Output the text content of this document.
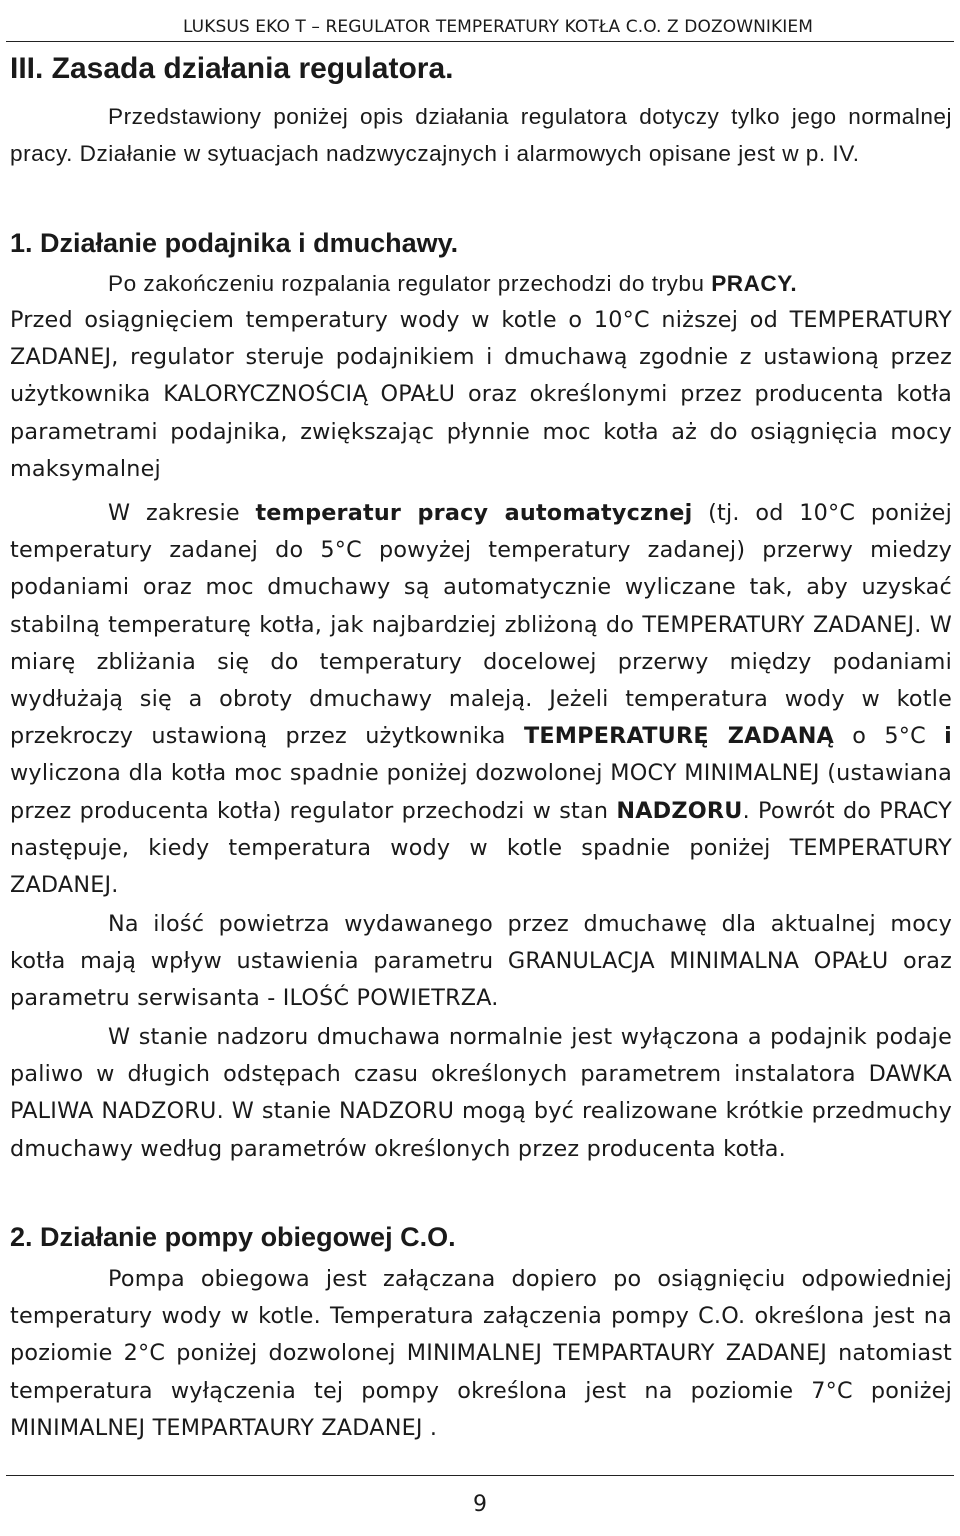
LUKSUS EKO T – REGULATOR TEMPERATURY KOTŁA C.O. Z DOZOWNIKIEM
III. Zasada działania regulatora.

Przedstawiony poniżej opis działania regulatora dotyczy tylko jego normalnej pracy. Działanie w sytuacjach nadzwyczajnych i alarmowych opisane jest w p. IV.

1. Działanie podajnika i dmuchawy.

Po zakończeniu rozpalania regulator przechodzi do trybu PRACY.

Przed osiągnięciem temperatury wody w kotle o 10°C niższej od TEMPERATURY ZADANEJ, regulator steruje podajnikiem i dmuchawą zgodnie z ustawioną przez użytkownika KALORYCZNOŚCIĄ OPAŁU oraz określonymi przez producenta kotła parametrami podajnika, zwiększając płynnie moc kotła aż do osiągnięcia mocy maksymalnej

W zakresie temperatur pracy automatycznej (tj. od 10°C poniżej temperatury zadanej do 5°C powyżej temperatury zadanej) przerwy miedzy podaniami oraz moc dmuchawy są automatycznie wyliczane tak, aby uzyskać stabilną temperaturę kotła, jak najbardziej zbliżoną do TEMPERATURY ZADANEJ. W miarę zbliżania się do temperatury docelowej przerwy między podaniami wydłużają się a obroty dmuchawy maleją. Jeżeli temperatura wody w kotle przekroczy ustawioną przez użytkownika TEMPERATURĘ ZADANĄ o 5°C i wyliczona dla kotła moc spadnie poniżej dozwolonej MOCY MINIMALNEJ (ustawiana przez producenta kotła) regulator przechodzi w stan NADZORU. Powrót do PRACY następuje, kiedy temperatura wody w kotle spadnie poniżej TEMPERATURY ZADANEJ.

Na ilość powietrza wydawanego przez dmuchawę dla aktualnej mocy kotła mają wpływ ustawienia parametru GRANULACJA MINIMALNA OPAŁU oraz parametru serwisanta - ILOŚĆ POWIETRZA.

W stanie nadzoru dmuchawa normalnie jest wyłączona a podajnik podaje paliwo w długich odstępach czasu określonych parametrem instalatora DAWKA PALIWA NADZORU. W stanie NADZORU mogą być realizowane krótkie przedmuchy dmuchawy według parametrów określonych przez producenta kotła.

2. Działanie pompy obiegowej C.O.

Pompa obiegowa jest załączana dopiero po osiągnięciu odpowiedniej temperatury wody w kotle. Temperatura załączenia pompy C.O. określona jest na poziomie 2°C poniżej dozwolonej MINIMALNEJ TEMPARTAURY ZADANEJ natomiast temperatura wyłączenia tej pompy określona jest na poziomie 7°C poniżej MINIMALNEJ TEMPARTAURY ZADANEJ .

9
